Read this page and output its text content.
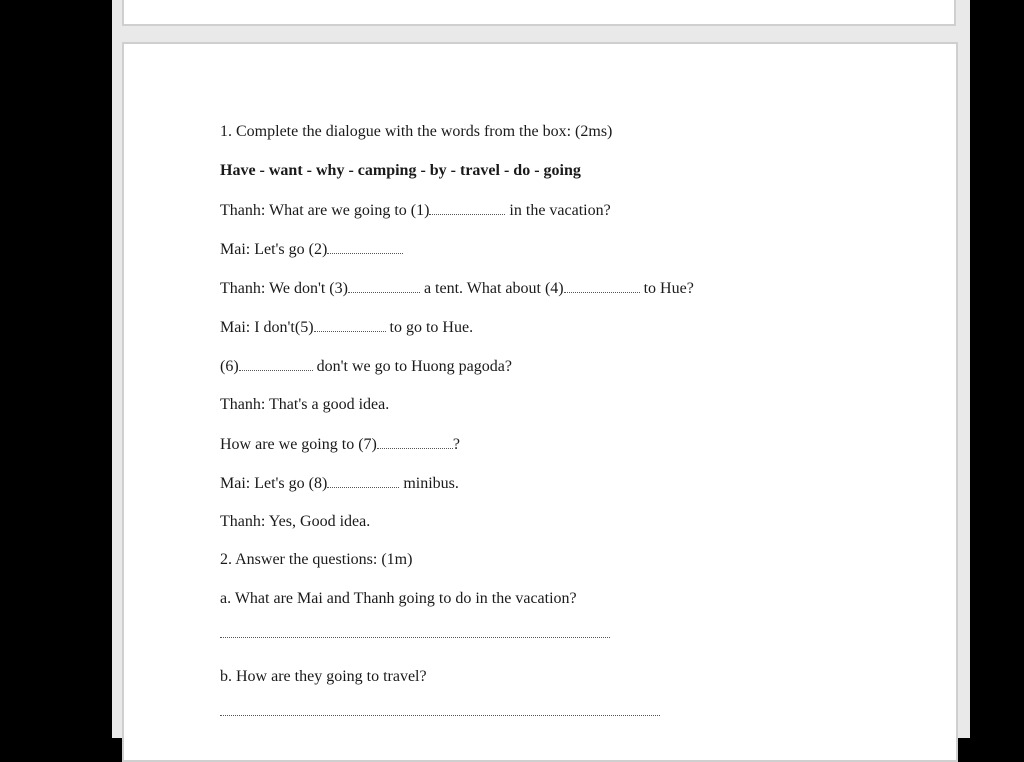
1. Complete the dialogue with the words from the box: (2ms)
Have - want - why - camping - by - travel - do - going
Thanh: What are we going to (1)	in the vacation?
Mai: Let's go (2)
Thanh: We don't (3)	a tent. What about (4)	to Hue?
Mai: I don't(5)	to go to Hue.
(6)	don't we go to Huong pagoda?
Thanh: That's a good idea.
How are we going to (7)	?
Mai: Let's go (8)	minibus.
Thanh: Yes, Good idea.
2. Answer the questions: (1m)
a. What are Mai and Thanh going to do in the vacation?
b. How are they going to travel?
